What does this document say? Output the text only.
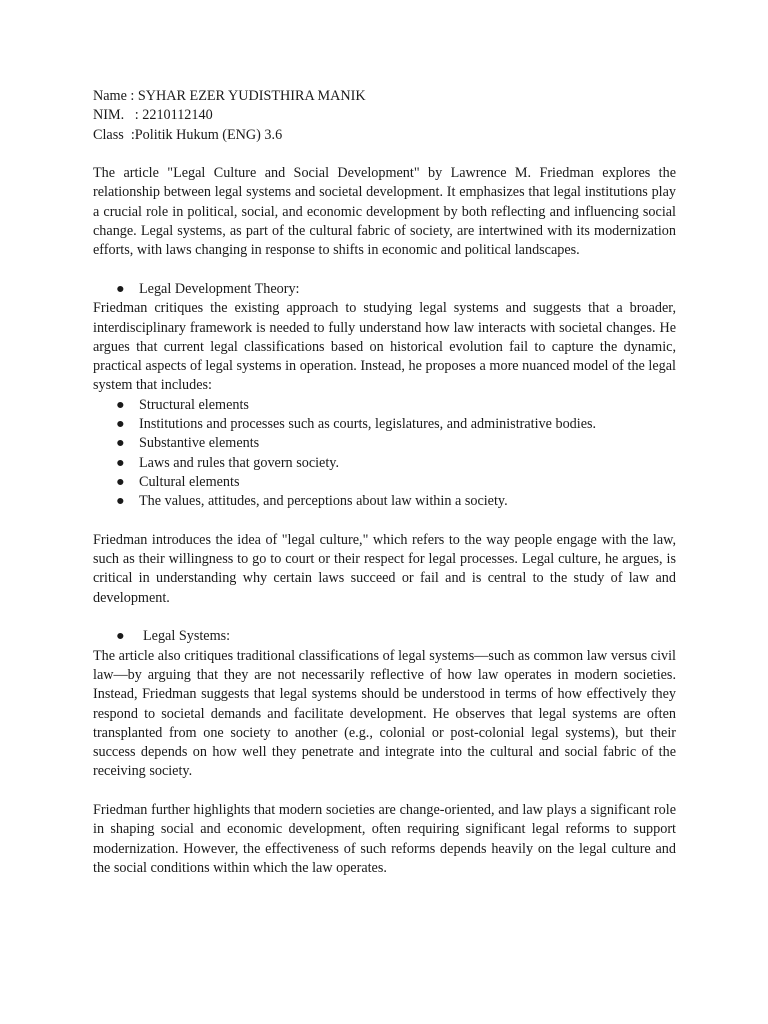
Name : SYHAR EZER YUDISTHIRA MANIK
NIM.   : 2210112140
Class  :Politik Hukum (ENG) 3.6

The article "Legal Culture and Social Development" by Lawrence M. Friedman explores the relationship between legal systems and societal development. It emphasizes that legal institutions play a crucial role in political, social, and economic development by both reflecting and influencing social change. Legal systems, as part of the cultural fabric of society, are intertwined with its modernization efforts, with laws changing in response to shifts in economic and political landscapes.

● Legal Development Theory:

Friedman critiques the existing approach to studying legal systems and suggests that a broader, interdisciplinary framework is needed to fully understand how law interacts with societal changes. He argues that current legal classifications based on historical evolution fail to capture the dynamic, practical aspects of legal systems in operation. Instead, he proposes a more nuanced model of the legal system that includes:

● Structural elements
● Institutions and processes such as courts, legislatures, and administrative bodies.
● Substantive elements
● Laws and rules that govern society.
● Cultural elements
● The values, attitudes, and perceptions about law within a society.

Friedman introduces the idea of "legal culture," which refers to the way people engage with the law, such as their willingness to go to court or their respect for legal processes. Legal culture, he argues, is critical in understanding why certain laws succeed or fail and is central to the study of law and development.

● Legal Systems:

The article also critiques traditional classifications of legal systems—such as common law versus civil law—by arguing that they are not necessarily reflective of how law operates in modern societies. Instead, Friedman suggests that legal systems should be understood in terms of how effectively they respond to societal demands and facilitate development. He observes that legal systems are often transplanted from one society to another (e.g., colonial or post-colonial legal systems), but their success depends on how well they penetrate and integrate into the cultural and social fabric of the receiving society.

Friedman further highlights that modern societies are change-oriented, and law plays a significant role in shaping social and economic development, often requiring significant legal reforms to support modernization. However, the effectiveness of such reforms depends heavily on the legal culture and the social conditions within which the law operates.
